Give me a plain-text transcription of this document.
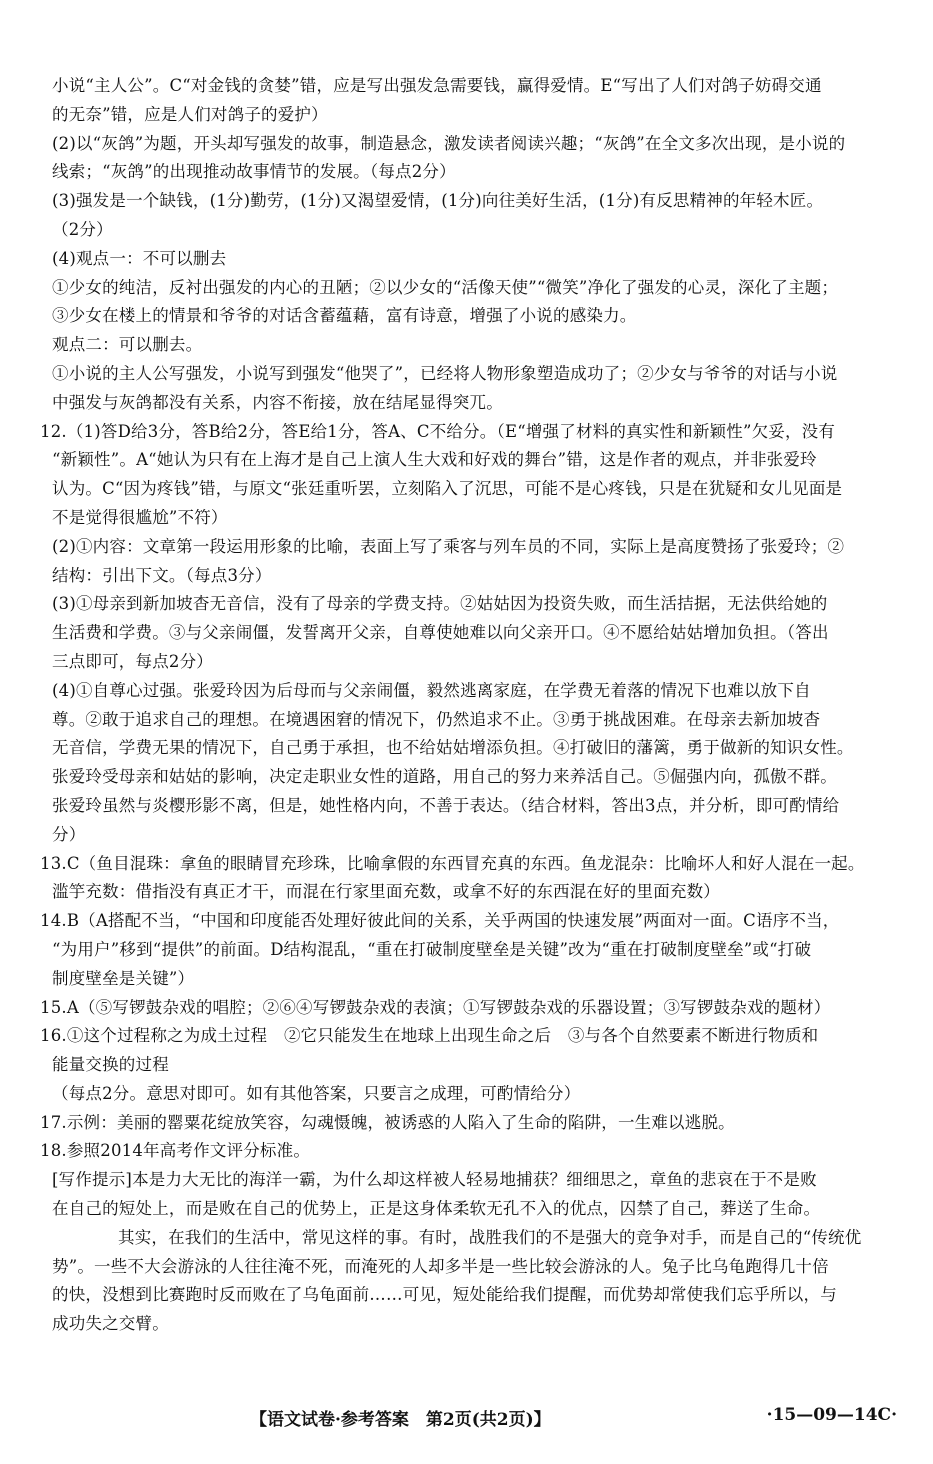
小说“主人公”。C“对金钱的贪婪”错，应是写出强发急需要钱，赢得爱情。E“写出了人们对鸽子妨碍交通
的无奈”错，应是人们对鸽子的爱护）
(2)以“灰鸽”为题，开头却写强发的故事，制造悬念，激发读者阅读兴趣；“灰鸽”在全文多次出现，是小说的
线索；“灰鸽”的出现推动故事情节的发展。（每点2分）
(3)强发是一个缺钱，(1分)勤劳，(1分)又渴望爱情，(1分)向往美好生活，(1分)有反思精神的年轻木匠。
（2分）
(4)观点一：不可以删去
①少女的纯洁，反衬出强发的内心的丑陋；②以少女的“活像天使”“微笑”净化了强发的心灵，深化了主题；
③少女在楼上的情景和爷爷的对话含蓄蕴藉，富有诗意，增强了小说的感染力。
观点二：可以删去。
①小说的主人公写强发，小说写到强发“他哭了”，已经将人物形象塑造成功了；②少女与爷爷的对话与小说
中强发与灰鸽都没有关系，内容不衔接，放在结尾显得突兀。
12.（1)答D给3分，答B给2分，答E给1分，答A、C不给分。（E“增强了材料的真实性和新颖性”欠妥，没有
“新颖性”。A“她认为只有在上海才是自己上演人生大戏和好戏的舞台”错，这是作者的观点，并非张爱玲
认为。C“因为疼钱”错，与原文“张廷重听罢，立刻陷入了沉思，可能不是心疼钱，只是在犹疑和女儿见面是
不是觉得很尴尬”不符）
(2)①内容：文章第一段运用形象的比喻，表面上写了乘客与列车员的不同，实际上是高度赞扬了张爱玲；②
结构：引出下文。（每点3分）
(3)①母亲到新加坡杳无音信，没有了母亲的学费支持。②姑姑因为投资失败，而生活拮据，无法供给她的
生活费和学费。③与父亲闹僵，发誓离开父亲，自尊使她难以向父亲开口。④不愿给姑姑增加负担。（答出
三点即可，每点2分）
(4)①自尊心过强。张爱玲因为后母而与父亲闹僵，毅然逃离家庭，在学费无着落的情况下也难以放下自
尊。②敢于追求自己的理想。在境遇困窘的情况下，仍然追求不止。③勇于挑战困难。在母亲去新加坡杳
无音信，学费无果的情况下，自己勇于承担，也不给姑姑增添负担。④打破旧的藩篱，勇于做新的知识女性。
张爱玲受母亲和姑姑的影响，决定走职业女性的道路，用自己的努力来养活自己。⑤倔强内向，孤傲不群。
张爱玲虽然与炎樱形影不离，但是，她性格内向，不善于表达。（结合材料，答出3点，并分析，即可酌情给
分）
13.C（鱼目混珠：拿鱼的眼睛冒充珍珠，比喻拿假的东西冒充真的东西。鱼龙混杂：比喻坏人和好人混在一起。
滥竽充数：借指没有真正才干，而混在行家里面充数，或拿不好的东西混在好的里面充数）
14.B（A搭配不当，“中国和印度能否处理好彼此间的关系，关乎两国的快速发展”两面对一面。C语序不当，
“为用户”移到“提供”的前面。D结构混乱，“重在打破制度壁垒是关键”改为“重在打破制度壁垒”或“打破
制度壁垒是关键”）
15.A（⑤写锣鼓杂戏的唱腔；②⑥④写锣鼓杂戏的表演；①写锣鼓杂戏的乐器设置；③写锣鼓杂戏的题材）
16.①这个过程称之为成土过程　②它只能发生在地球上出现生命之后　③与各个自然要素不断进行物质和
能量交换的过程
（每点2分。意思对即可。如有其他答案，只要言之成理，可酌情给分）
17.示例：美丽的罂粟花绽放笑容，勾魂慑魄，被诱惑的人陷入了生命的陷阱，一生难以逃脱。
18.参照2014年高考作文评分标准。
[写作提示]本是力大无比的海洋一霸，为什么却这样被人轻易地捕获？细细思之，章鱼的悲哀在于不是败
在自己的短处上，而是败在自己的优势上，正是这身体柔软无孔不入的优点，囚禁了自己，葬送了生命。
其实，在我们的生活中，常见这样的事。有时，战胜我们的不是强大的竞争对手，而是自己的“传统优
势”。一些不大会游泳的人往往淹不死，而淹死的人却多半是一些比较会游泳的人。兔子比乌龟跑得几十倍
的快，没想到比赛跑时反而败在了乌龟面前……可见，短处能给我们提醒，而优势却常使我们忘乎所以，与
成功失之交臂。
【语文试卷·参考答案　第2页(共2页)】	·15—09—14C·
